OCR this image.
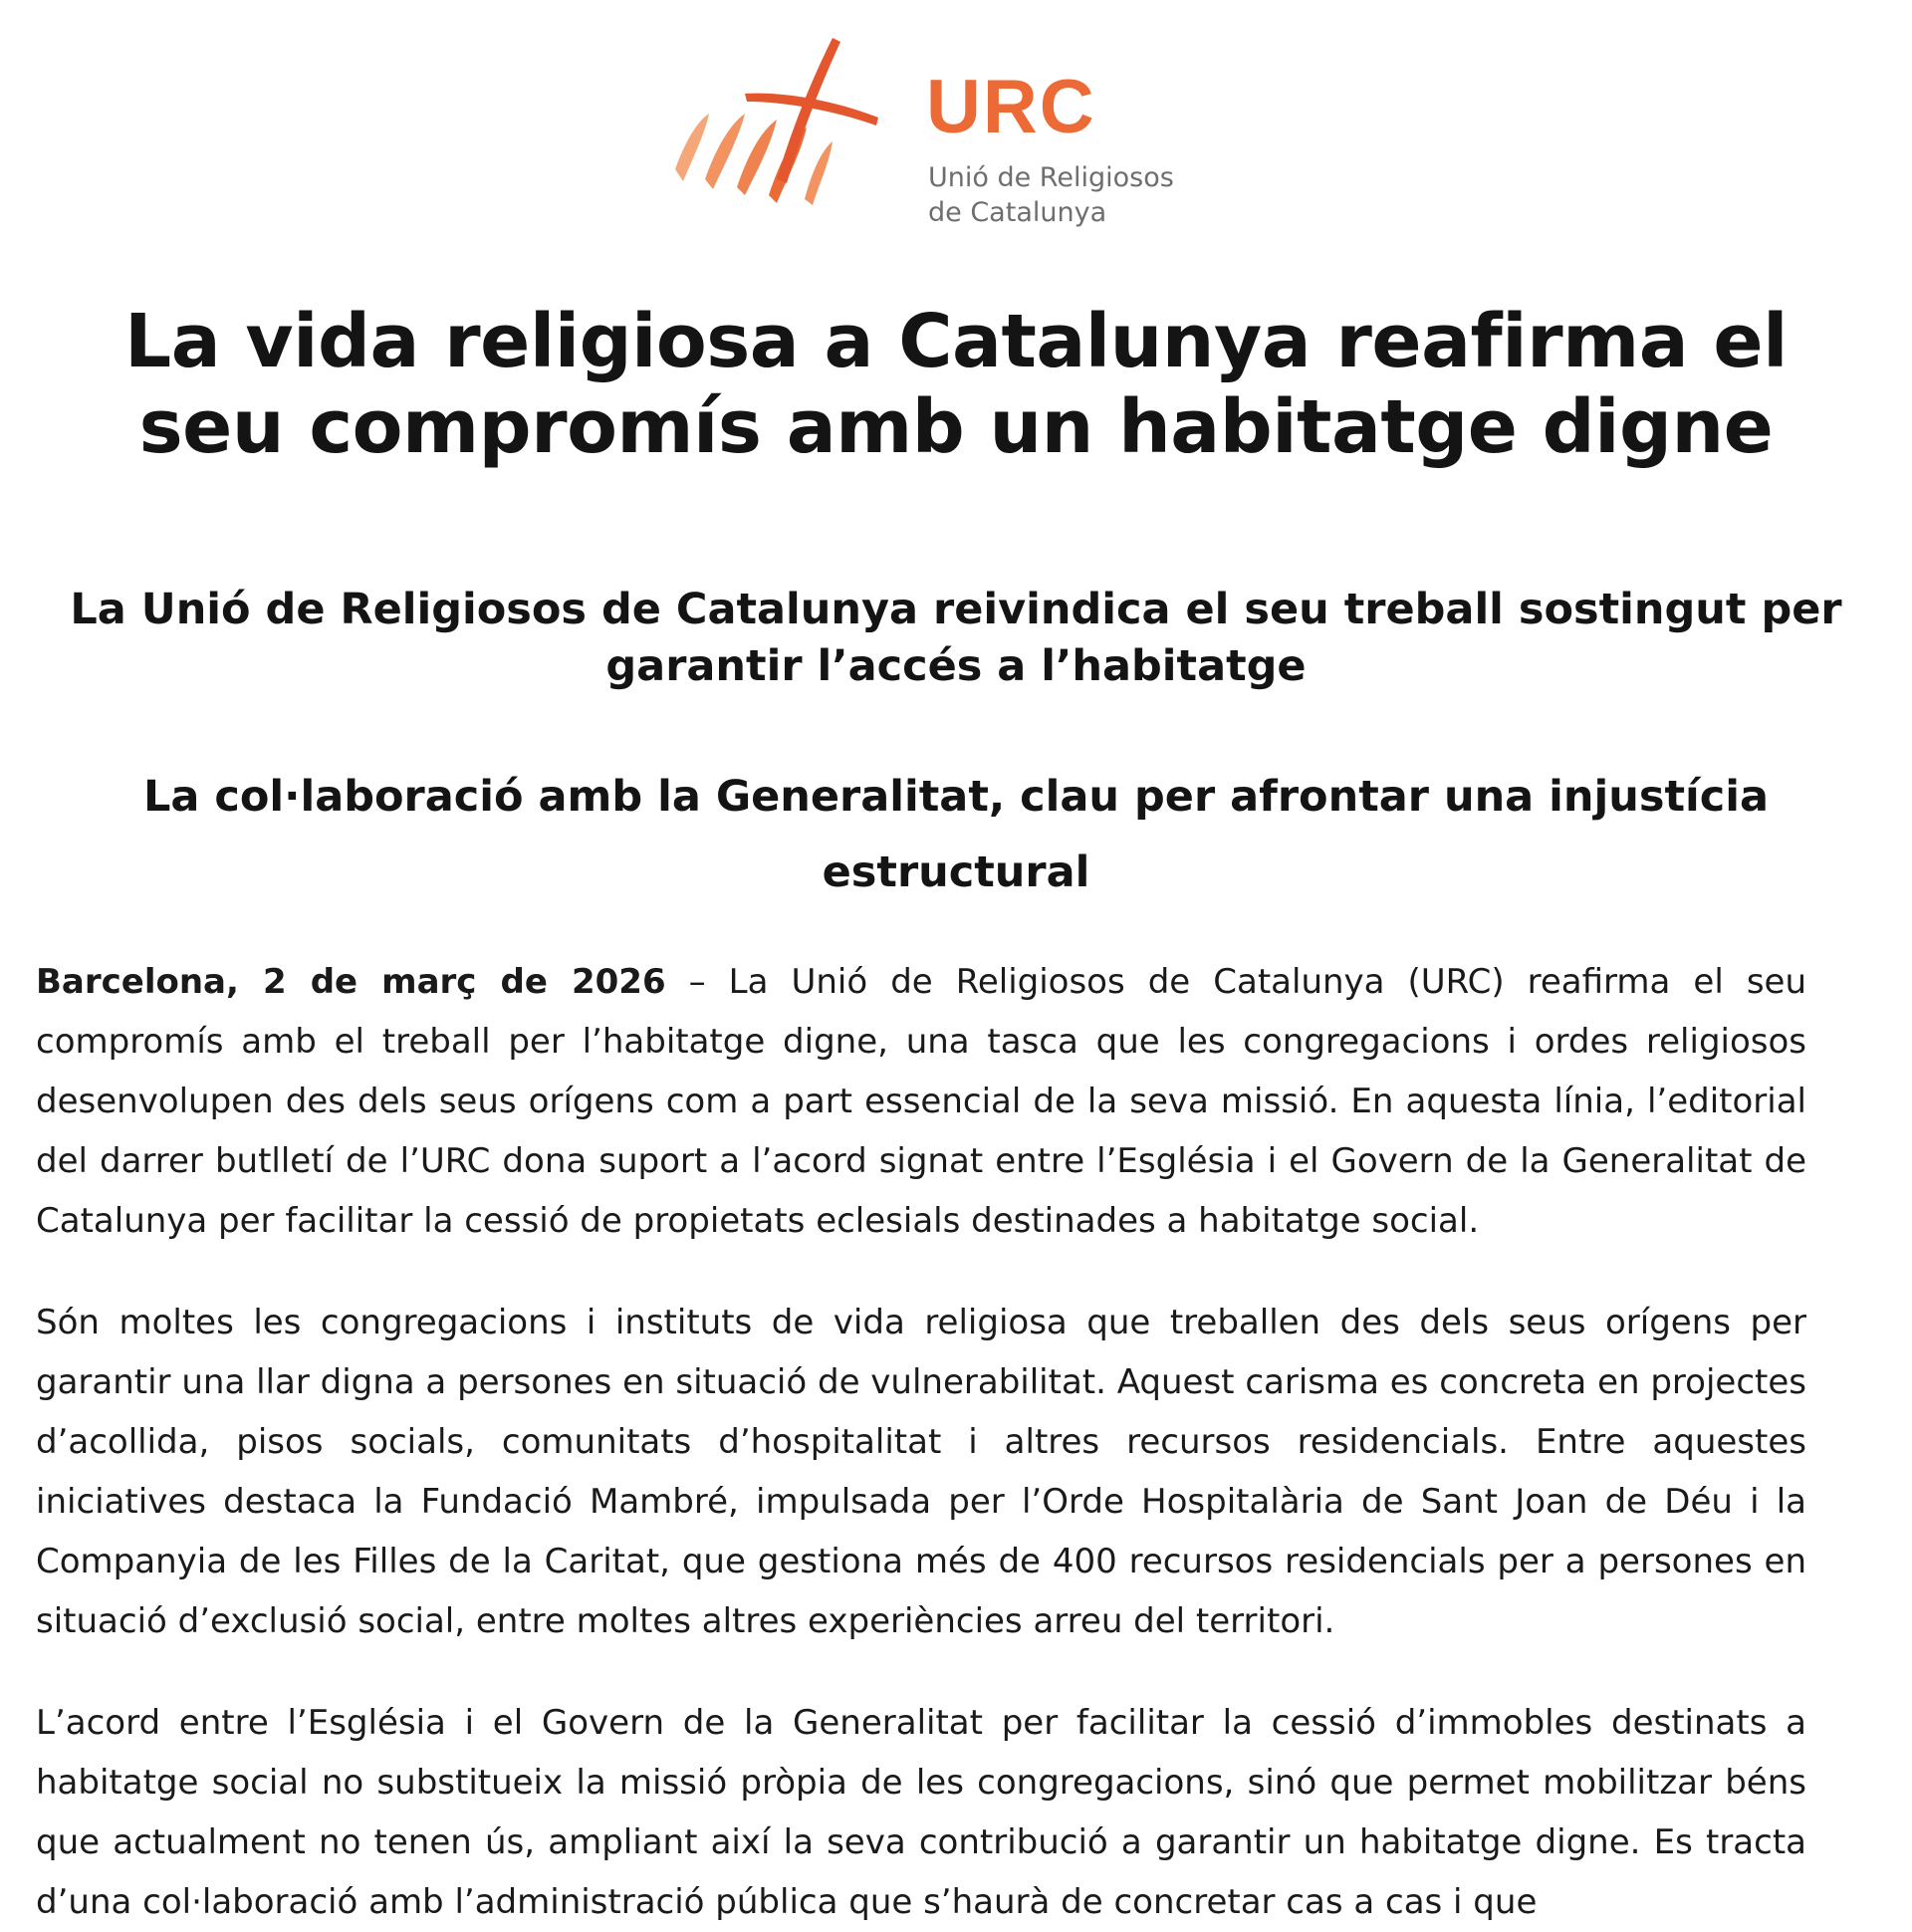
URC
Unió de Religiosos
de Catalunya
La vida religiosa a Catalunya reafirma el seu compromís amb un habitatge digne
La Unió de Religiosos de Catalunya reivindica el seu treball sostingut per garantir l’accés a l’habitatge
La col·laboració amb la Generalitat, clau per afrontar una injustícia estructural

Barcelona, 2 de març de 2026 – La Unió de Religiosos de Catalunya (URC) reafirma el seu compromís amb el treball per l’habitatge digne, una tasca que les congregacions i ordes religiosos desenvolupen des dels seus orígens com a part essencial de la seva missió. En aquesta línia, l’editorial del darrer butlletí de l’URC dona suport a l’acord signat entre l’Església i el Govern de la Generalitat de Catalunya per facilitar la cessió de propietats eclesials destinades a habitatge social.

Són moltes les congregacions i instituts de vida religiosa que treballen des dels seus orígens per garantir una llar digna a persones en situació de vulnerabilitat. Aquest carisma es concreta en projectes d’acollida, pisos socials, comunitats d’hospitalitat i altres recursos residencials. Entre aquestes iniciatives destaca la Fundació Mambré, impulsada per l’Orde Hospitalària de Sant Joan de Déu i la Companyia de les Filles de la Caritat, que gestiona més de 400 recursos residencials per a persones en situació d’exclusió social, entre moltes altres experiències arreu del territori.

L’acord entre l’Església i el Govern de la Generalitat per facilitar la cessió d’immobles destinats a habitatge social no substitueix la missió pròpia de les congregacions, sinó que permet mobilitzar béns que actualment no tenen ús, ampliant així la seva contribució a garantir un habitatge digne. Es tracta d’una col·laboració amb l’administració pública que s’haurà de concretar cas a cas i que
